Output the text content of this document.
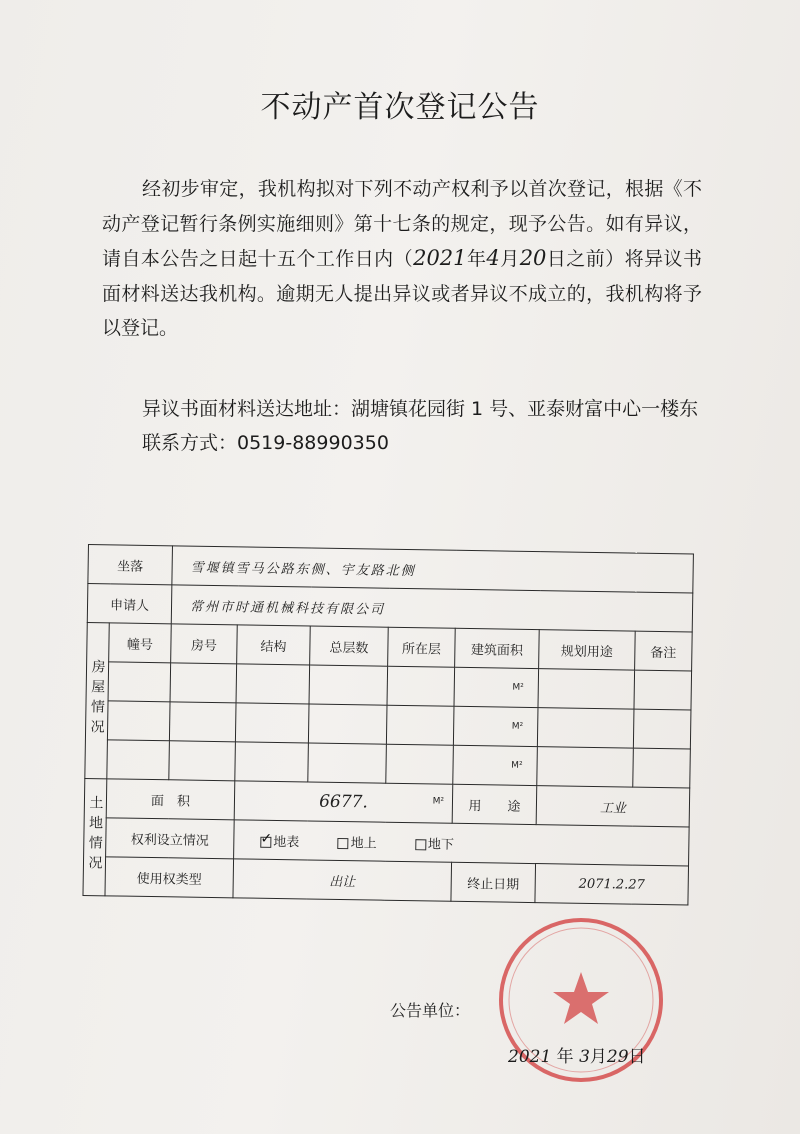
不动产首次登记公告
经初步审定，我机构拟对下列不动产权利予以首次登记，根据《不动产登记暂行条例实施细则》第十七条的规定，现予公告。如有异议，请自本公告之日起十五个工作日内（2021年4月20日之前）将异议书面材料送达我机构。逾期无人提出异议或者异议不成立的，我机构将予以登记。
异议书面材料送达地址：湖塘镇花园街 1 号、亚泰财富中心一楼东
联系方式：0519-88990350
坐落		雪堰镇雪马公路东侧、宇友路北侧						
申请人		常州市时通机械科技有限公司						
房屋情况	幢号	房号	结构	总层数	所在层	建筑面积	规划用途	备注
						M²		
						M²		
						M²		
土地情况	面　积		6677. M²			用　　途	工业	
	权利设立情况	✓地表 地上 地下
	使用权类型		出让			终止日期	2071.2.27	
公告单位：
2021 年 3月29日
